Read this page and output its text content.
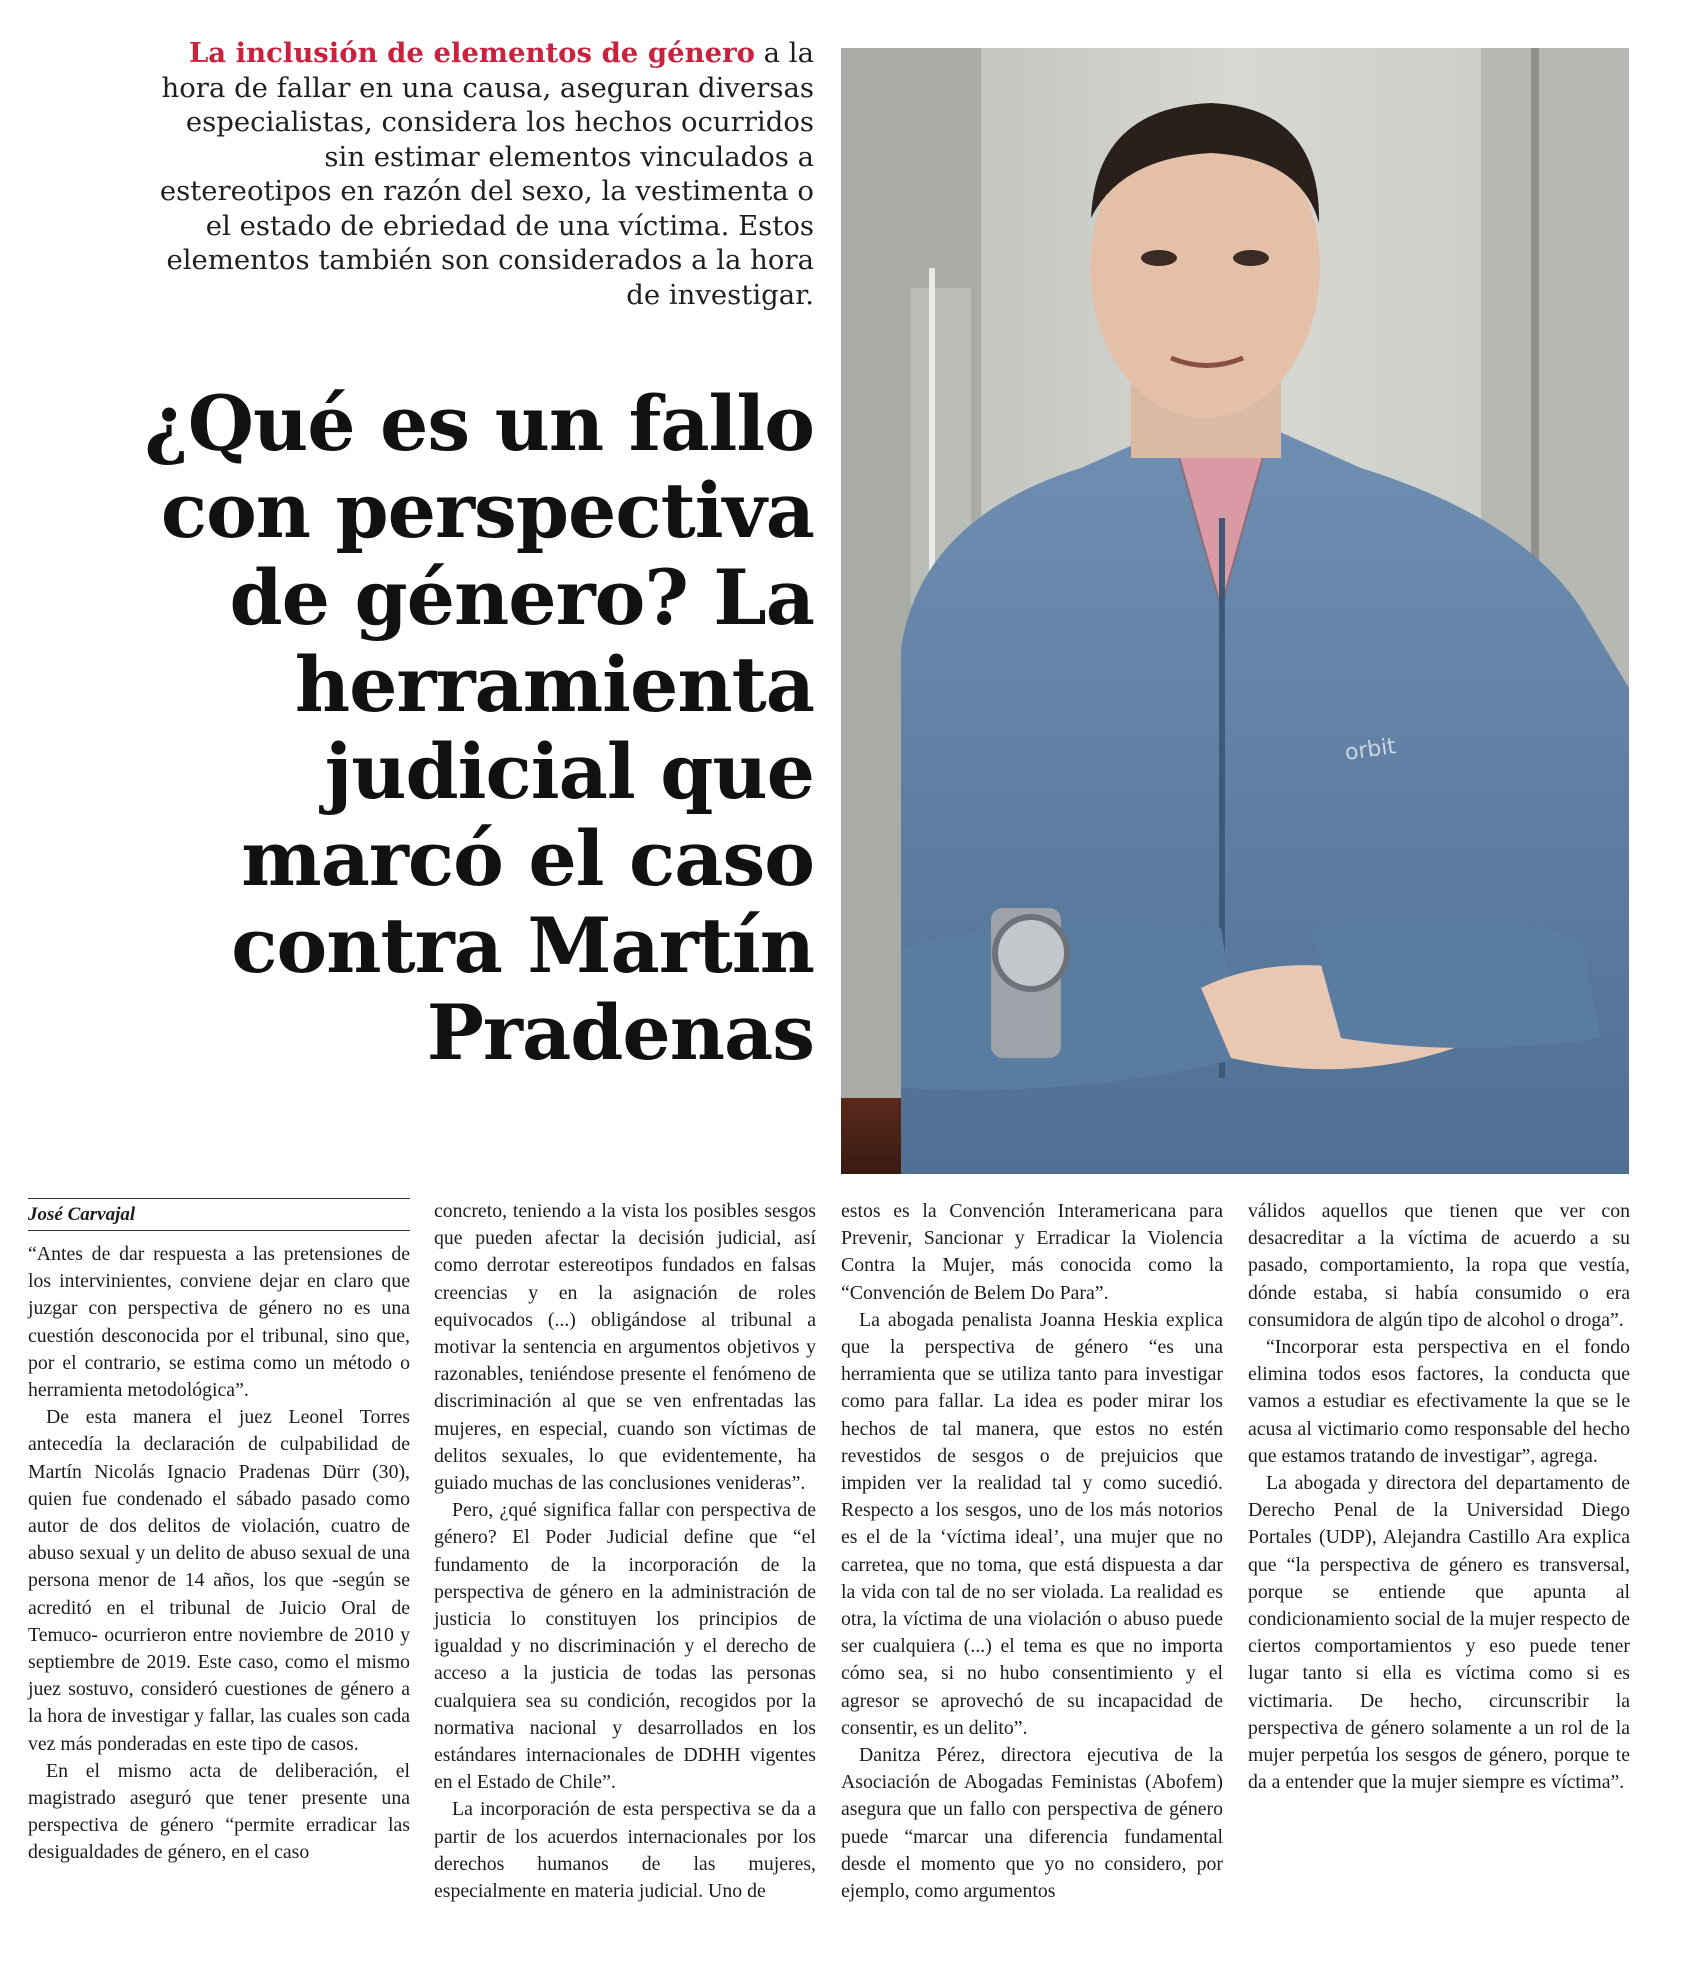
La inclusión de elementos de género a la hora de fallar en una causa, aseguran diversas especialistas, considera los hechos ocurridos sin estimar elementos vinculados a estereotipos en razón del sexo, la vestimenta o el estado de ebriedad de una víctima. Estos elementos también son considerados a la hora de investigar.

¿Qué es un fallo con perspectiva de género? La herramienta judicial que marcó el caso contra Martín Pradenas
orbit
José Carvajal

“Antes de dar respuesta a las pretensiones de los intervinientes, conviene dejar en claro que juzgar con perspectiva de género no es una cuestión desconocida por el tribunal, sino que, por el contrario, se estima como un método o herramienta metodológica”.

De esta manera el juez Leonel Torres antecedía la declaración de culpabilidad de Martín Nicolás Ignacio Pradenas Dürr (30), quien fue condenado el sábado pasado como autor de dos delitos de violación, cuatro de abuso sexual y un delito de abuso sexual de una persona menor de 14 años, los que -según se acreditó en el tribunal de Juicio Oral de Temuco- ocurrieron entre noviembre de 2010 y septiembre de 2019. Este caso, como el mismo juez sostuvo, consideró cuestiones de género a la hora de investigar y fallar, las cuales son cada vez más ponderadas en este tipo de casos.

En el mismo acta de deliberación, el magistrado aseguró que tener presente una perspectiva de género “permite erradicar las desigualdades de género, en el caso

concreto, teniendo a la vista los posibles sesgos que pueden afectar la decisión judicial, así como derrotar estereotipos fundados en falsas creencias y en la asignación de roles equivocados (...) obligándose al tribunal a motivar la sentencia en argumentos objetivos y razonables, teniéndose presente el fenómeno de discriminación al que se ven enfrentadas las mujeres, en especial, cuando son víctimas de delitos sexuales, lo que evidentemente, ha guiado muchas de las conclusiones venideras”.

Pero, ¿qué significa fallar con perspectiva de género? El Poder Judicial define que “el fundamento de la incorporación de la perspectiva de género en la administración de justicia lo constituyen los principios de igualdad y no discriminación y el derecho de acceso a la justicia de todas las personas cualquiera sea su condición, recogidos por la normativa nacional y desarrollados en los estándares internacionales de DDHH vigentes en el Estado de Chile”.

La incorporación de esta perspectiva se da a partir de los acuerdos internacionales por los derechos humanos de las mujeres, especialmente en materia judicial. Uno de

estos es la Convención Interamericana para Prevenir, Sancionar y Erradicar la Violencia Contra la Mujer, más conocida como la “Convención de Belem Do Para”.

La abogada penalista Joanna Heskia explica que la perspectiva de género “es una herramienta que se utiliza tanto para investigar como para fallar. La idea es poder mirar los hechos de tal manera, que estos no estén revestidos de sesgos o de prejuicios que impiden ver la realidad tal y como sucedió. Respecto a los sesgos, uno de los más notorios es el de la ‘víctima ideal’, una mujer que no carretea, que no toma, que está dispuesta a dar la vida con tal de no ser violada. La realidad es otra, la víctima de una violación o abuso puede ser cualquiera (...) el tema es que no importa cómo sea, si no hubo consentimiento y el agresor se aprovechó de su incapacidad de consentir, es un delito”.

Danitza Pérez, directora ejecutiva de la Asociación de Abogadas Feministas (Abofem) asegura que un fallo con perspectiva de género puede “marcar una diferencia fundamental desde el momento que yo no considero, por ejemplo, como argumentos

válidos aquellos que tienen que ver con desacreditar a la víctima de acuerdo a su pasado, comportamiento, la ropa que vestía, dónde estaba, si había consumido o era consumidora de algún tipo de alcohol o droga”.

“Incorporar esta perspectiva en el fondo elimina todos esos factores, la conducta que vamos a estudiar es efectivamente la que se le acusa al victimario como responsable del hecho que estamos tratando de investigar”, agrega.

La abogada y directora del departamento de Derecho Penal de la Universidad Diego Portales (UDP), Alejandra Castillo Ara explica que “la perspectiva de género es transversal, porque se entiende que apunta al condicionamiento social de la mujer respecto de ciertos comportamientos y eso puede tener lugar tanto si ella es víctima como si es victimaria. De hecho, circunscribir la perspectiva de género solamente a un rol de la mujer perpetúa los sesgos de género, porque te da a entender que la mujer siempre es víctima”.
